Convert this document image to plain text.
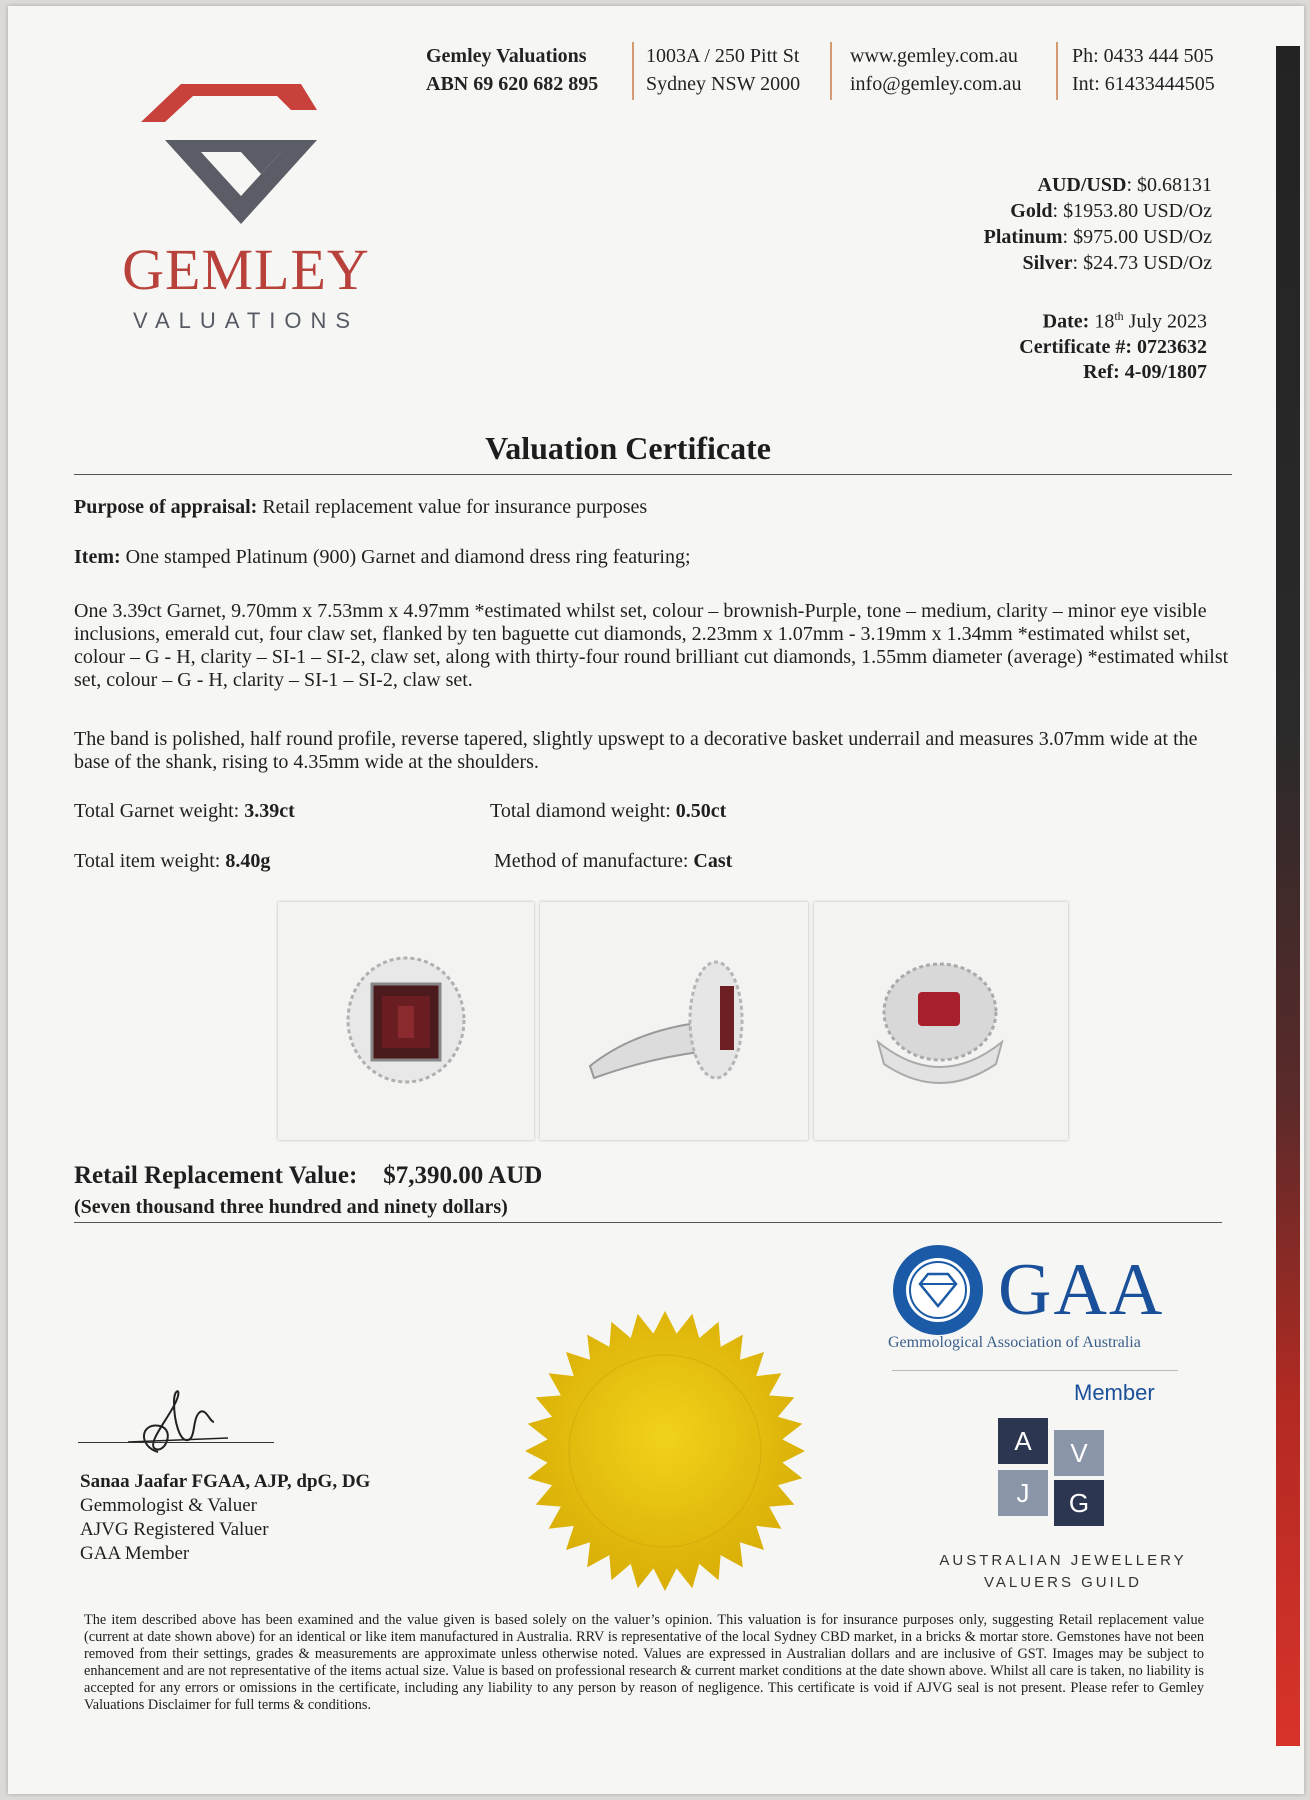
GEMLEY
VALUATIONS
Gemley Valuations
ABN 69 620 682 895
1003A / 250 Pitt St
Sydney NSW 2000
www.gemley.com.au
info@gemley.com.au
Ph: 0433 444 505
Int: 61433444505
AUD/USD: $0.68131
Gold: $1953.80 USD/Oz
Platinum: $975.00 USD/Oz
Silver: $24.73 USD/Oz
Date: 18th July 2023
Certificate #: 0723632
Ref: 4-09/1807
Valuation Certificate
Purpose of appraisal: Retail replacement value for insurance purposes
Item: One stamped Platinum (900) Garnet and diamond dress ring featuring;
One 3.39ct Garnet, 9.70mm x 7.53mm x 4.97mm *estimated whilst set, colour – brownish-Purple, tone – medium, clarity – minor eye visible inclusions, emerald cut, four claw set, flanked by ten baguette cut diamonds, 2.23mm x 1.07mm - 3.19mm x 1.34mm *estimated whilst set, colour – G - H, clarity – SI-1 – SI-2, claw set, along with thirty-four round brilliant cut diamonds, 1.55mm diameter (average) *estimated whilst set, colour – G - H, clarity – SI-1 – SI-2, claw set.
The band is polished, half round profile, reverse tapered, slightly upswept to a decorative basket underrail and measures 3.07mm wide at the base of the shank, rising to 4.35mm wide at the shoulders.
Total Garnet weight: 3.39ct	Total diamond weight: 0.50ct
Total item weight: 8.40g	Method of manufacture: Cast
Retail Replacement Value: $7,390.00 AUD
(Seven thousand three hundred and ninety dollars)
GAA
Gemmological Association of Australia
Member
A	V
J	G
AUSTRALIAN JEWELLERY
VALUERS GUILD
Sanaa Jaafar FGAA, AJP, dpG, DG
Gemmologist & Valuer
AJVG Registered Valuer
GAA Member
The item described above has been examined and the value given is based solely on the valuer’s opinion. This valuation is for insurance purposes only, suggesting Retail replacement value (current at date shown above) for an identical or like item manufactured in Australia. RRV is representative of the local Sydney CBD market, in a bricks & mortar store. Gemstones have not been removed from their settings, grades & measurements are approximate unless otherwise noted. Values are expressed in Australian dollars and are inclusive of GST. Images may be subject to enhancement and are not representative of the items actual size. Value is based on professional research & current market conditions at the date shown above. Whilst all care is taken, no liability is accepted for any errors or omissions in the certificate, including any liability to any person by reason of negligence. This certificate is void if AJVG seal is not present. Please refer to Gemley Valuations Disclaimer for full terms & conditions.
